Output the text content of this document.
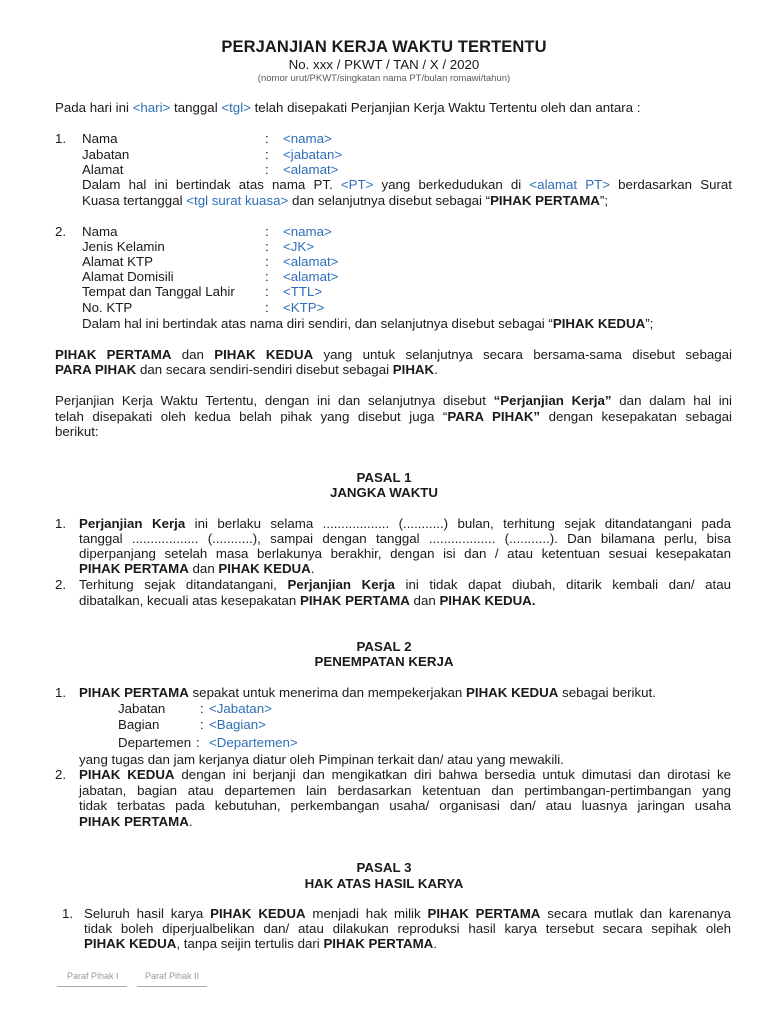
PERJANJIAN KERJA WAKTU TERTENTU
No. xxx / PKWT / TAN / X / 2020
(nomor urut/PKWT/singkatan nama PT/bulan romawi/tahun)
Pada hari ini <hari> tanggal <tgl> telah disepakati Perjanjian Kerja Waktu Tertentu oleh dan antara :
1. Nama	: <nama>
Jabatan	: <jabatan>
Alamat	: <alamat>
Dalam hal ini bertindak atas nama PT. <PT> yang berkedudukan di <alamat PT> berdasarkan Surat
Kuasa tertanggal <tgl surat kuasa> dan selanjutnya disebut sebagai “PIHAK PERTAMA”;
2. Nama	: <nama>
Jenis Kelamin	: <JK>
Alamat KTP	: <alamat>
Alamat Domisili	: <alamat>
Tempat dan Tanggal Lahir : <TTL>
No. KTP	: <KTP>
Dalam hal ini bertindak atas nama diri sendiri, dan selanjutnya disebut sebagai “PIHAK KEDUA”;
PIHAK PERTAMA dan PIHAK KEDUA yang untuk selanjutnya secara bersama-sama disebut sebagai
PARA PIHAK dan secara sendiri-sendiri disebut sebagai PIHAK.
Perjanjian Kerja Waktu Tertentu, dengan ini dan selanjutnya disebut “Perjanjian Kerja” dan dalam hal ini
telah disepakati oleh kedua belah pihak yang disebut juga “PARA PIHAK” dengan kesepakatan sebagai
berikut:
PASAL 1
JANGKA WAKTU
1. Perjanjian Kerja ini berlaku selama .................. (...........) bulan, terhitung sejak ditandatangani pada
tanggal .................. (...........), sampai dengan tanggal .................. (...........). Dan bilamana perlu, bisa
diperpanjang setelah masa berlakunya berakhir, dengan isi dan / atau ketentuan sesuai kesepakatan
PIHAK PERTAMA dan PIHAK KEDUA.
2. Terhitung sejak ditandatangani, Perjanjian Kerja ini tidak dapat diubah, ditarik kembali dan/ atau
dibatalkan, kecuali atas kesepakatan PIHAK PERTAMA dan PIHAK KEDUA.
PASAL 2
PENEMPATAN KERJA
1. PIHAK PERTAMA sepakat untuk menerima dan mempekerjakan PIHAK KEDUA sebagai berikut.
Jabatan	: <Jabatan>
Bagian	: <Bagian>
Departemen : <Departemen>
yang tugas dan jam kerjanya diatur oleh Pimpinan terkait dan/ atau yang mewakili.
2. PIHAK KEDUA dengan ini berjanji dan mengikatkan diri bahwa bersedia untuk dimutasi dan dirotasi ke
jabatan, bagian atau departemen lain berdasarkan ketentuan dan pertimbangan-pertimbangan yang
tidak terbatas pada kebutuhan, perkembangan usaha/ organisasi dan/ atau luasnya jaringan usaha
PIHAK PERTAMA.
PASAL 3
HAK ATAS HASIL KARYA
1. Seluruh hasil karya PIHAK KEDUA menjadi hak milik PIHAK PERTAMA secara mutlak dan karenanya
tidak boleh diperjualbelikan dan/ atau dilakukan reproduksi hasil karya tersebut secara sepihak oleh
PIHAK KEDUA, tanpa seijin tertulis dari PIHAK PERTAMA.
Paraf Pihak I	Paraf Pihak II
